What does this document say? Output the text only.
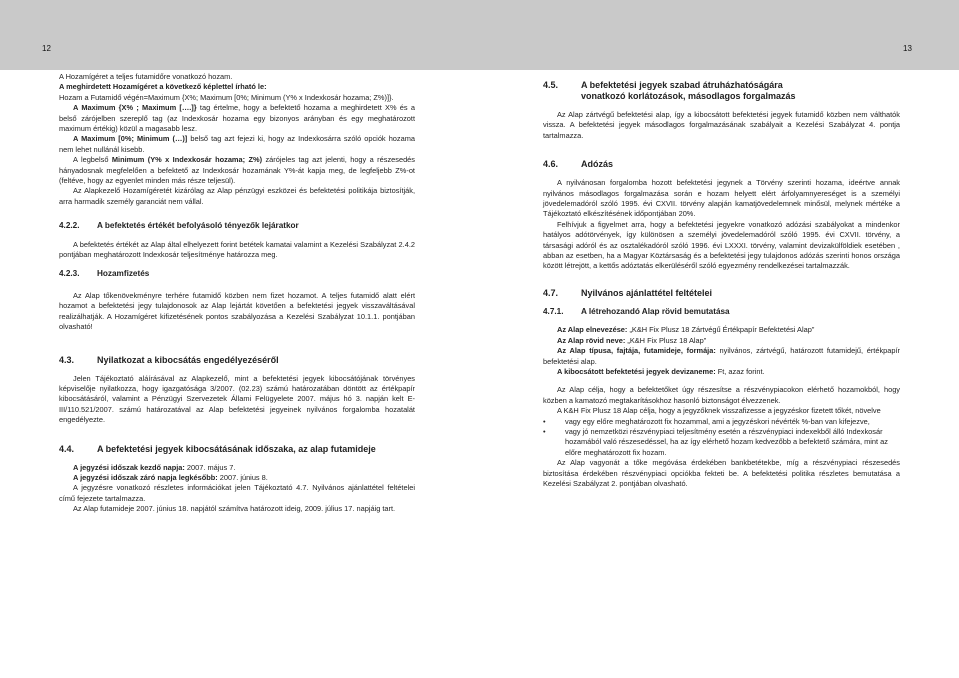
12	13

A Hozamígéret a teljes futamidőre vonatkozó hozam.

A meghirdetett Hozamígéret a következő képlettel írható le:

Hozam a Futamidő végén=Maximum {X%; Maximum [0%; Minimum (Y% x Indexkosár hozama; Z%)]}.

A Maximum {X% ; Maximum [….]} tag értelme, hogy a befektető hozama a meghirdetett X% és a belső zárójelben szereplő tag (az Indexkosár hozama egy bizonyos arányban és egy meghatározott maximum értékig) közül a magasabb lesz.

A Maximum [0%; Minimum (…)] belső tag azt fejezi ki, hogy az Indexkosárra szóló opciók hozama nem lehet nullánál kisebb.

A legbelső Minimum (Y% x Indexkosár hozama; Z%) zárójeles tag azt jelenti, hogy a részesedés hányadosnak megfelelően a befektető az Indexkosár hozamának Y%-át kapja meg, de legfeljebb Z%-ot (feltéve, hogy az egyenlet minden más része teljesül).

Az Alapkezelő Hozamígéretét kizárólag az Alap pénzügyi eszközei és befektetési politikája biztosítják, arra harmadik személy garanciát nem vállal.

4.2.2. A befektetés értékét befolyásoló tényezők lejáratkor

A befektetés értékét az Alap által elhelyezett forint betétek kamatai valamint a Kezelési Szabályzat 2.4.2 pontjában meghatározott Indexkosár teljesítménye határozza meg.

4.2.3. Hozamfizetés

Az Alap tőkenövekményre terhére futamidő közben nem fizet hozamot. A teljes futamidő alatt elért hozamot a befektetési jegy tulajdonosok az Alap lejártát követően a befektetési jegyek visszaváltásával realizálhatják. A Hozamígéret kifizetésének pontos szabályozása a Kezelési Szabályzat 10.1.1. pontjában olvasható!

4.3.	Nyilatkozat a kibocsátás engedélyezéséről

Jelen Tájékoztató aláírásával az Alapkezelő, mint a befektetési jegyek kibocsátójának törvényes képviselője nyilatkozza, hogy igazgatósága 3/2007. (02.23) számú határozatában döntött az értékpapír kibocsátásáról, valamint a Pénzügyi Szervezetek Állami Felügyelete 2007. május hó 3. napján kelt E-III/110.521/2007. számú határozatával az Alap befektetési jegyeinek nyilvános forgalomba hozatalát engedélyezte.

4.4.	A befektetési jegyek kibocsátásának időszaka, az alap futamideje

A jegyzési időszak kezdő napja: 2007. május 7.

A jegyzési időszak záró napja legkésőbb: 2007. június 8.

A jegyzésre vonatkozó részletes információkat jelen Tájékoztató 4.7. Nyilvános ajánlattétel feltételei című fejezete tartalmazza.

Az Alap futamideje 2007. június 18. napjától számítva határozott ideig, 2009. július 17. napjáig tart.

4.5.	A befektetési jegyek szabad átruházhatóságára
vonatkozó korlátozások, másodlagos forgalmazás

Az Alap zártvégű befektetési alap, így a kibocsátott befektetési jegyek futamidő közben nem válthatók vissza. A befektetési jegyek másodlagos forgalmazásának szabályait a Kezelési Szabályzat 4. pontja tartalmazza.

4.6.	Adózás

A nyilvánosan forgalomba hozott befektetési jegynek a Törvény szerinti hozama, ideértve annak nyilvános másodlagos forgalmazása során e hozam helyett elért árfolyamnyereséget is a személyi jövedelemadóról szóló 1995. évi CXVII. törvény alapján kamatjövedelemnek minősül, melynek mértéke a Tájékoztató elkészítésének időpontjában 20%.

Felhívjuk a figyelmet arra, hogy a befektetési jegyekre vonatkozó adózási szabályokat a mindenkor hatályos adótörvények, így különösen a személyi jövedelemadóról szóló 1995. évi CXVII. törvény, a társasági adóról és az osztalékadóról szóló 1996. évi LXXXI. törvény, valamint devizakülföldiek esetében , abban az esetben, ha a Magyar Köztársaság és a befektetési jegy tulajdonos adózás szerinti honos országa között létrejött, a kettős adóztatás elkerüléséről szóló egyezmény rendelkezései tartalmazzák.

4.7.	Nyilvános ajánlattétel feltételei

4.7.1. A létrehozandó Alap rövid bemutatása

Az Alap elnevezése: „K&H Fix Plusz 18 Zártvégű Értékpapír Befektetési Alap”

Az Alap rövid neve: „K&H Fix Plusz 18 Alap”

Az Alap típusa, fajtája, futamideje, formája: nyilvános, zártvégű, határozott futamidejű, értékpapír befektetési alap.

A kibocsátott befektetési jegyek devizaneme: Ft, azaz forint.

Az Alap célja, hogy a befektetőket úgy részesítse a részvénypiacokon elérhető hozamokból, hogy közben a kamatozó megtakarításokhoz hasonló biztonságot élvezzenek.

A K&H Fix Plusz 18 Alap célja, hogy a jegyzőknek visszafizesse a jegyzéskor fizetett tőkét, növelve

• vagy egy előre meghatározott fix hozammal, ami a jegyzéskori névérték %-ban van kifejezve,
• vagy jó nemzetközi részvénypiaci teljesítmény esetén a részvénypiaci indexekből álló Indexkosár hozamából való részesedéssel, ha az így elérhető hozam kedvezőbb a befektető számára, mint az előre meghatározott fix hozam.

Az Alap vagyonát a tőke megóvása érdekében bankbetétekbe, míg a részvénypiaci részesedés biztosítása érdekében részvénypiaci opciókba fekteti be. A befektetési politika részletes bemutatása a Kezelési Szabályzat 2. pontjában olvasható.
